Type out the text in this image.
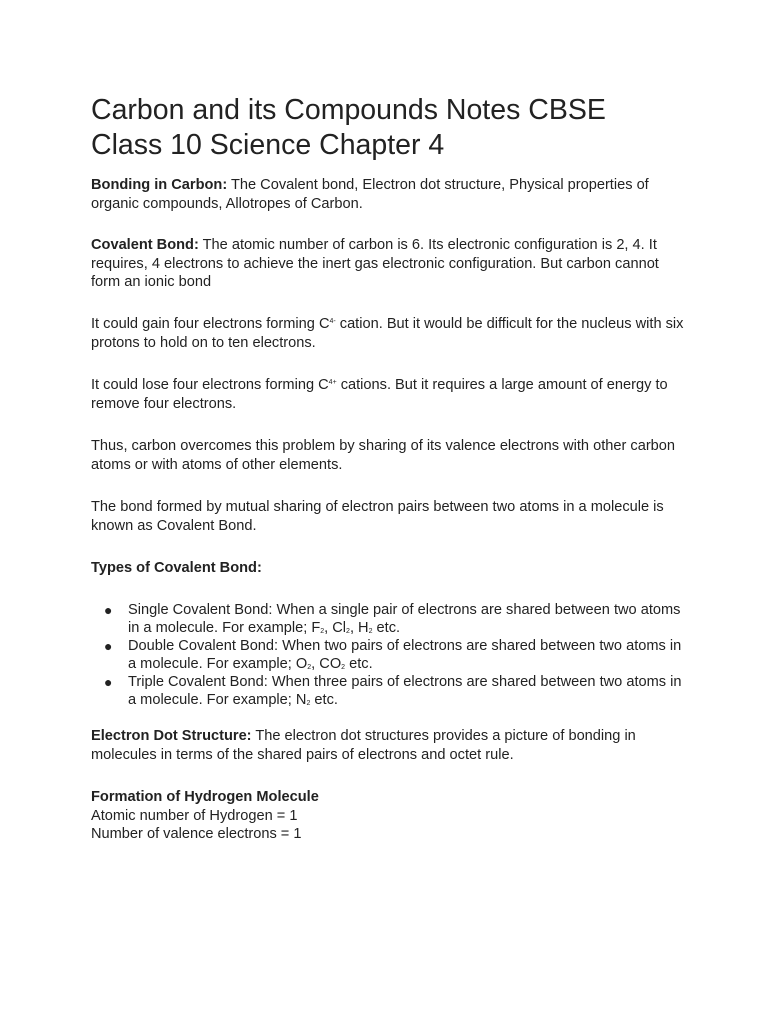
Carbon and its Compounds Notes CBSE
Class 10 Science Chapter 4

Bonding in Carbon: The Covalent bond, Electron dot structure, Physical properties of organic compounds, Allotropes of Carbon.

Covalent Bond: The atomic number of carbon is 6. Its electronic configuration is 2, 4. It requires, 4 electrons to achieve the inert gas electronic configuration. But carbon cannot form an ionic bond

It could gain four electrons forming $C^{4-}$ cation. But it would be difficult for the nucleus with six protons to hold on to ten electrons.

It could lose four electrons forming $C^{4+}$ cations. But it requires a large amount of energy to remove four electrons.

Thus, carbon overcomes this problem by sharing of its valence electrons with other carbon atoms or with atoms of other elements.

The bond formed by mutual sharing of electron pairs between two atoms in a molecule is known as Covalent Bond.

Types of Covalent Bond:

● Single Covalent Bond: When a single pair of electrons are shared between two atoms in a molecule. For example; $F_2$, $Cl_2$, $H_2$ etc.
● Double Covalent Bond: When two pairs of electrons are shared between two atoms in a molecule. For example; $O_2$, $CO_2$ etc.
● Triple Covalent Bond: When three pairs of electrons are shared between two atoms in a molecule. For example; $N_2$ etc.

Electron Dot Structure: The electron dot structures provides a picture of bonding in molecules in terms of the shared pairs of electrons and octet rule.

Formation of Hydrogen Molecule
Atomic number of Hydrogen = 1
Number of valence electrons = 1
